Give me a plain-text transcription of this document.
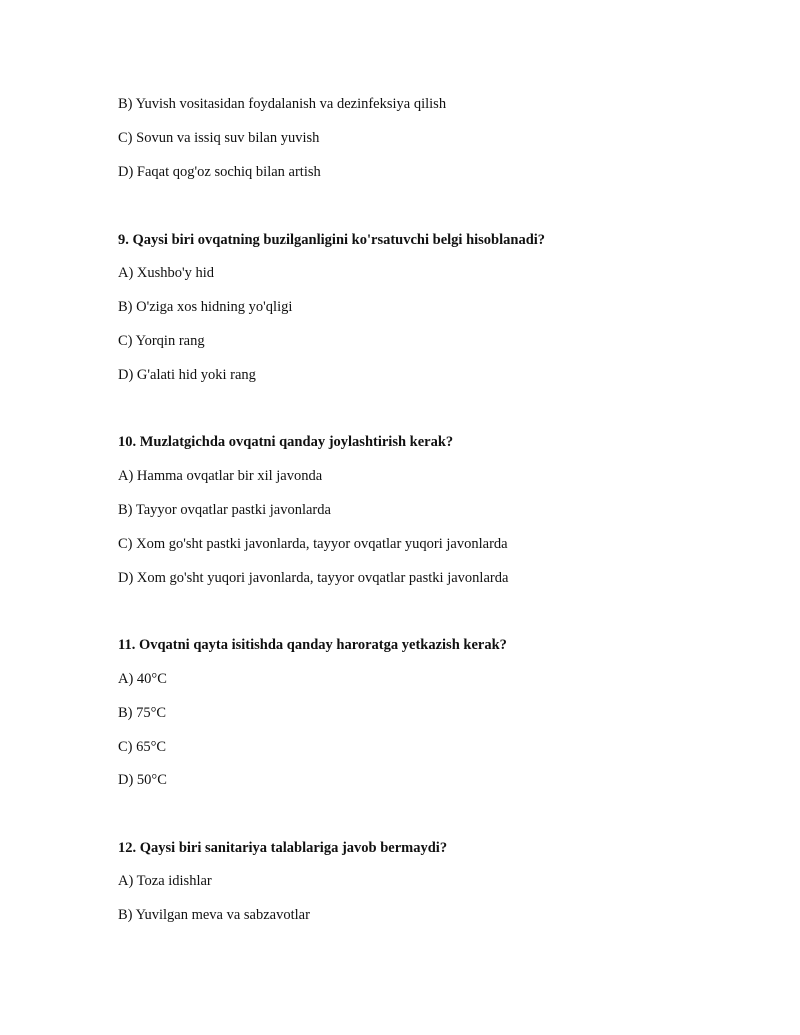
B) Yuvish vositasidan foydalanish va dezinfeksiya qilish
C) Sovun va issiq suv bilan yuvish
D) Faqat qog'oz sochiq bilan artish
9. Qaysi biri ovqatning buzilganligini ko'rsatuvchi belgi hisoblanadi?
A) Xushbo'y hid
B) O'ziga xos hidning yo'qligi
C) Yorqin rang
D) G'alati hid yoki rang
10. Muzlatgichda ovqatni qanday joylashtirish kerak?
A) Hamma ovqatlar bir xil javonda
B) Tayyor ovqatlar pastki javonlarda
C) Xom go'sht pastki javonlarda, tayyor ovqatlar yuqori javonlarda
D) Xom go'sht yuqori javonlarda, tayyor ovqatlar pastki javonlarda
11. Ovqatni qayta isitishda qanday haroratga yetkazish kerak?
A) 40°C
B) 75°C
C) 65°C
D) 50°C
12. Qaysi biri sanitariya talablariga javob bermaydi?
A) Toza idishlar
B) Yuvilgan meva va sabzavotlar
